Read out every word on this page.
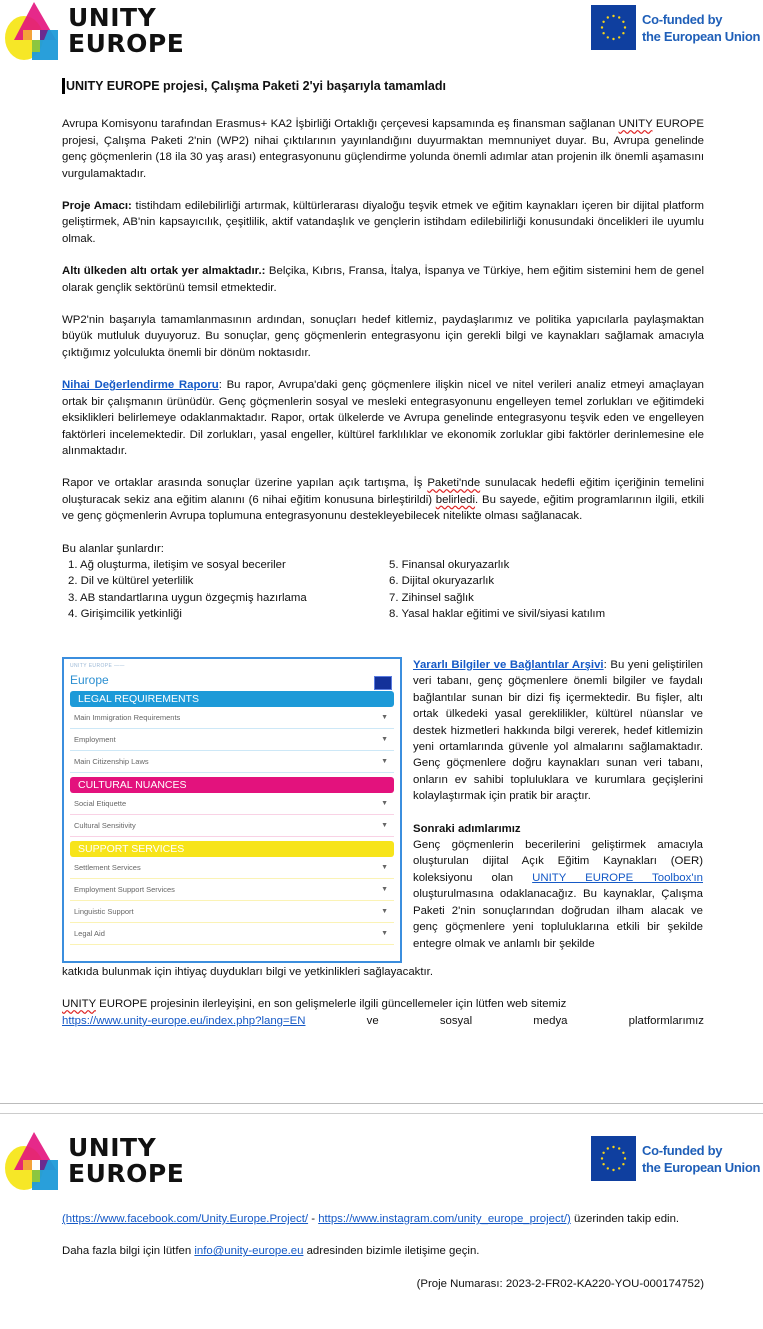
UNITY
EUROPE
Co-funded by
the European Union
UNITY EUROPE projesi, Çalışma Paketi 2'yi başarıyla tamamladı

Avrupa Komisyonu tarafından Erasmus+ KA2 İşbirliği Ortaklığı çerçevesi kapsamında eş finansman sağlanan UNITY EUROPE projesi, Çalışma Paketi 2'nin (WP2) nihai çıktılarının yayınlandığını duyurmaktan memnuniyet duyar. Bu, Avrupa genelinde genç göçmenlerin (18 ila 30 yaş arası) entegrasyonunu güçlendirme yolunda önemli adımlar atan projenin ilk önemli aşamasını vurgulamaktadır.

Proje Amacı: tistihdam edilebilirliği artırmak, kültürlerarası diyaloğu teşvik etmek ve eğitim kaynakları içeren bir dijital platform geliştirmek, AB'nin kapsayıcılık, çeşitlilik, aktif vatandaşlık ve gençlerin istihdam edilebilirliği konusundaki öncelikleri ile uyumlu olmak.

Altı ülkeden altı ortak yer almaktadır.: Belçika, Kıbrıs, Fransa, İtalya, İspanya ve Türkiye, hem eğitim sistemini hem de genel olarak gençlik sektörünü temsil etmektedir.

WP2'nin başarıyla tamamlanmasının ardından, sonuçları hedef kitlemiz, paydaşlarımız ve politika yapıcılarla paylaşmaktan büyük mutluluk duyuyoruz. Bu sonuçlar, genç göçmenlerin entegrasyonu için gerekli bilgi ve kaynakları sağlamak amacıyla çıktığımız yolculukta önemli bir dönüm noktasıdır.

Nihai Değerlendirme Raporu: Bu rapor, Avrupa'daki genç göçmenlere ilişkin nicel ve nitel verileri analiz etmeyi amaçlayan ortak bir çalışmanın ürünüdür. Genç göçmenlerin sosyal ve mesleki entegrasyonunu engelleyen temel zorlukları ve eğitimdeki eksiklikleri belirlemeye odaklanmaktadır. Rapor, ortak ülkelerde ve Avrupa genelinde entegrasyonu teşvik eden ve engelleyen faktörleri incelemektedir. Dil zorlukları, yasal engeller, kültürel farklılıklar ve ekonomik zorluklar gibi faktörler derinlemesine ele alınmaktadır.

Rapor ve ortaklar arasında sonuçlar üzerine yapılan açık tartışma, İş Paketi'nde sunulacak hedefli eğitim içeriğinin temelini oluşturacak sekiz ana eğitim alanını (6 nihai eğitim konusuna birleştirildi) belirledi. Bu sayede, eğitim programlarının ilgili, etkili ve genç göçmenlerin Avrupa toplumuna entegrasyonunu destekleyebilecek nitelikte olması sağlanacak.

Bu alanlar şunlardır:
1. Ağ oluşturma, iletişim ve sosyal beceriler	5. Finansal okuryazarlık
2. Dil ve kültürel yeterlilik	6. Dijital okuryazarlık
3. AB standartlarına uygun özgeçmiş hazırlama	7. Zihinsel sağlık
4. Girişimcilik yetkinliği	8. Yasal haklar eğitimi ve sivil/siyasi katılım
UNITY EUROPE ——
Europe
LEGAL REQUIREMENTS
Main Immigration Requirements	▼
Employment	▼
Main Citizenship Laws	▼
CULTURAL NUANCES
Social Etiquette	▼
Cultural Sensitivity	▼
SUPPORT SERVICES
Settlement Services	▼
Employment Support Services	▼
Linguistic Support	▼
Legal Aid	▼

Yararlı Bilgiler ve Bağlantılar Arşivi: Bu yeni geliştirilen veri tabanı, genç göçmenlere önemli bilgiler ve faydalı bağlantılar sunan bir dizi fiş içermektedir. Bu fişler, altı ortak ülkedeki yasal gereklilikler, kültürel nüanslar ve destek hizmetleri hakkında bilgi vererek, hedef kitlemizin yeni ortamlarında güvenle yol almalarını sağlamaktadır. Genç göçmenlere doğru kaynakları sunan veri tabanı, onların ev sahibi topluluklara ve kurumlara geçişlerini kolaylaştırmak için pratik bir araçtır.

Sonraki adımlarımız

Genç göçmenlerin becerilerini geliştirmek amacıyla oluşturulan dijital Açık Eğitim Kaynakları (OER) koleksiyonu olan UNITY EUROPE Toolbox'ın oluşturulmasına odaklanacağız. Bu kaynaklar, Çalışma Paketi 2'nin sonuçlarından doğrudan ilham alacak ve genç göçmenlere yeni topluluklarına etkili bir şekilde entegre olmak ve anlamlı bir şekilde

katkıda bulunmak için ihtiyaç duydukları bilgi ve yetkinlikleri sağlayacaktır.

UNITY EUROPE projesinin ilerleyişini, en son gelişmelerle ilgili güncellemeler için lütfen web sitemiz

https://www.unity-europe.eu/index.php?lang=EN	ve	sosyal	medya	platformlarımız
UNITY
EUROPE
Co-funded by
the European Union

(https://www.facebook.com/Unity.Europe.Project/ - https://www.instagram.com/unity_europe_project/) üzerinden takip edin.

Daha fazla bilgi için lütfen info@unity-europe.eu adresinden bizimle iletişime geçin.

(Proje Numarası: 2023-2-FR02-KA220-YOU-000174752)
